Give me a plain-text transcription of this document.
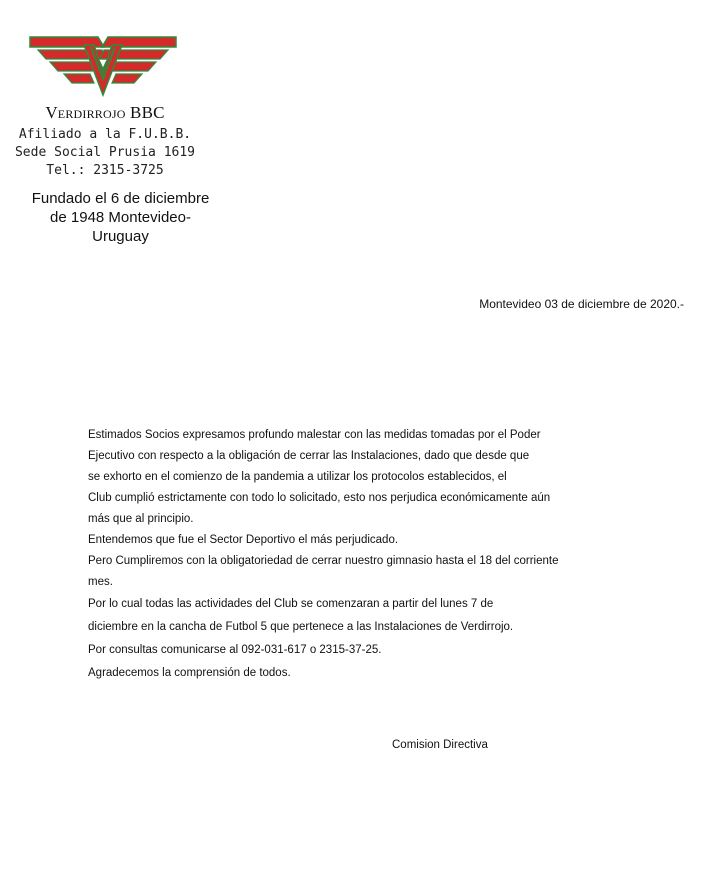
Verdirrojo BBC
Afiliado a la F.U.B.B.
Sede Social Prusia 1619
Tel.: 2315-3725
Fundado el 6 de diciembre
de 1948 Montevideo-
Uruguay
Montevideo 03 de diciembre de 2020.-

Estimados Socios expresamos profundo malestar con las medidas tomadas por el Poder

Ejecutivo con respecto a la obligación de cerrar las Instalaciones, dado que desde que

se exhorto en el comienzo de la pandemia a utilizar los protocolos establecidos, el

Club cumplió estrictamente con todo lo solicitado, esto nos perjudica económicamente aún

más que al principio.

Entendemos que fue el Sector Deportivo el más perjudicado.

Pero Cumpliremos con la obligatoriedad de cerrar nuestro gimnasio hasta el 18 del corriente

mes.

Por lo cual todas las actividades del Club se comenzaran a partir del lunes 7 de

diciembre en la cancha de Futbol 5 que pertenece a las Instalaciones de Verdirrojo.

Por consultas comunicarse al 092-031-617 o 2315-37-25.

Agradecemos la comprensión de todos.

Comision Directiva
